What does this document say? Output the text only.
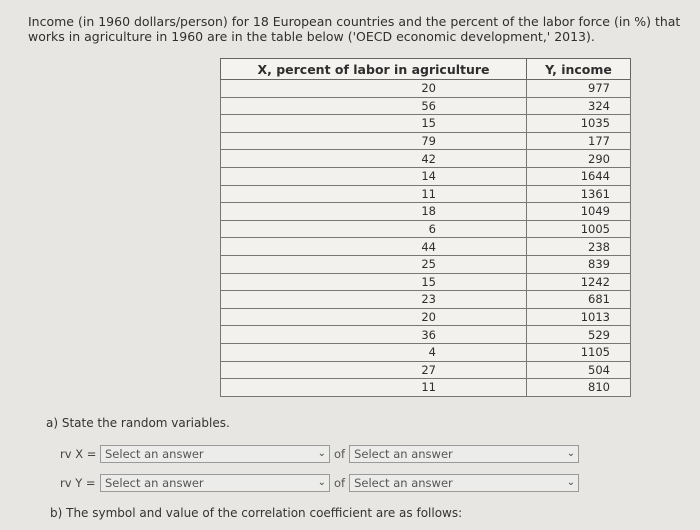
Income (in 1960 dollars/person) for 18 European countries and the percent of the labor force (in %) that works in agriculture in 1960 are in the table below ('OECD economic development,' 2013).
X, percent of labor in agriculture	Y, income
20	977
56	324
15	1035
79	177
42	290
14	1644
11	1361
18	1049
6	1005
44	238
25	839
15	1242
23	681
20	1013
36	529
4	1105
27	504
11	810
a) State the random variables.
rv X = Select an answer	⌄ of Select an answer	⌄
rv Y = Select an answer	⌄ of Select an answer	⌄
b) The symbol and value of the correlation coefficient are as follows:
